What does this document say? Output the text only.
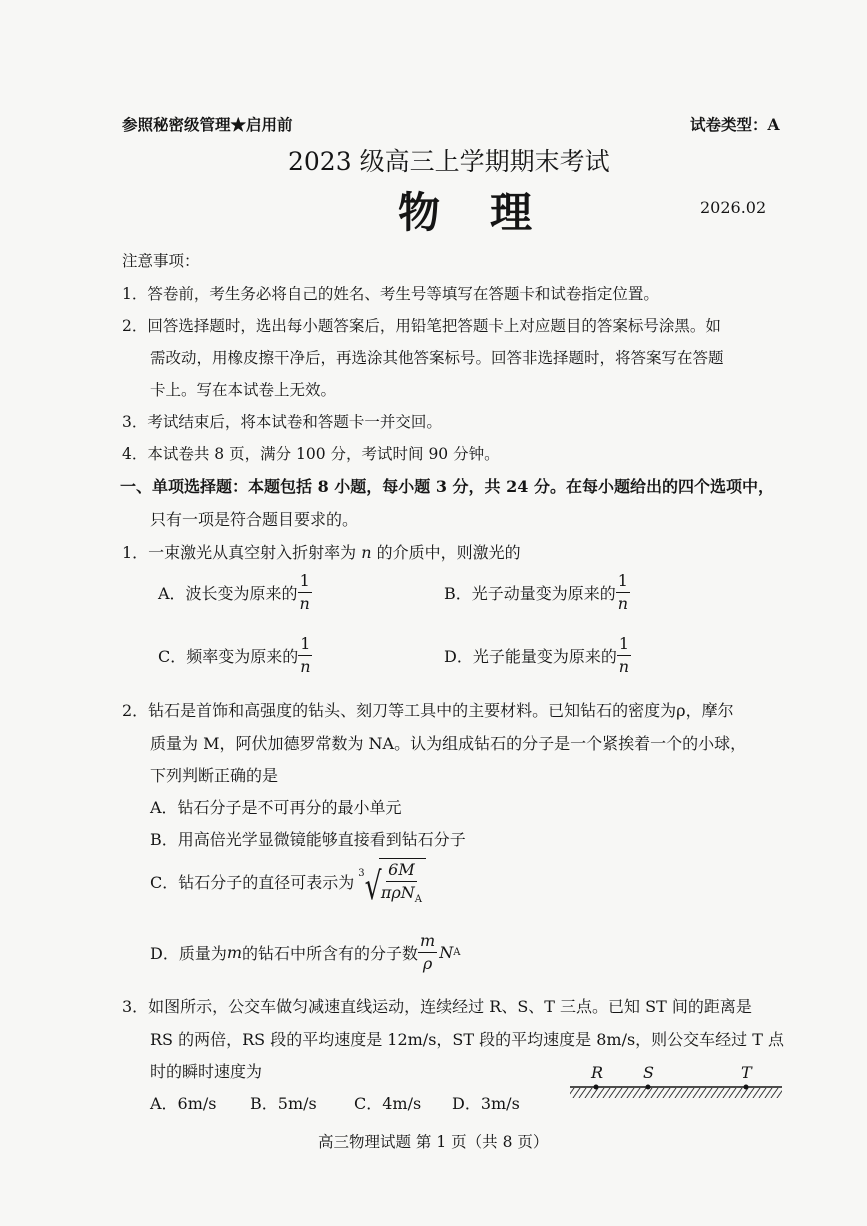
参照秘密级管理★启用前	试卷类型：A
2023 级高三上学期期末考试
物　理	2026.02
注意事项：
1．答卷前，考生务必将自己的姓名、考生号等填写在答题卡和试卷指定位置。
2．回答选择题时，选出每小题答案后，用铅笔把答题卡上对应题目的答案标号涂黑。如
需改动，用橡皮擦干净后，再选涂其他答案标号。回答非选择题时，将答案写在答题
卡上。写在本试卷上无效。
3．考试结束后，将本试卷和答题卡一并交回。
4．本试卷共 8 页，满分 100 分，考试时间 90 分钟。
一、单项选择题：本题包括 8 小题，每小题 3 分，共 24 分。在每小题给出的四个选项中，
只有一项是符合题目要求的。
1．一束激光从真空射入折射率为 n 的介质中，则激光的
A．波长变为原来的 $\frac{1}{n}$	B．光子动量变为原来的 $\frac{1}{n}$
C．频率变为原来的 $\frac{1}{n}$	D．光子能量变为原来的 $\frac{1}{n}$
2．钻石是首饰和高强度的钻头、刻刀等工具中的主要材料。已知钻石的密度为ρ，摩尔
质量为 M，阿伏加德罗常数为 NA。认为组成钻石的分子是一个紧挨着一个的小球，
下列判断正确的是
A．钻石分子是不可再分的最小单元
B．用高倍光学显微镜能够直接看到钻石分子
C．钻石分子的直径可表示为 3 √ $\frac{6M}{\pi\rho N_A}$
D．质量为 m 的钻石中所含有的分子数 $\frac{m}{\rho}$ N A
3．如图所示，公交车做匀减速直线运动，连续经过 R、S、T 三点。已知 ST 间的距离是
RS 的两倍，RS 段的平均速度是 12m/s，ST 段的平均速度是 8m/s，则公交车经过 T 点
时的瞬时速度为
A．6m/s B．5m/s C．4m/s D．3m/s
R S	T
高三物理试题 第 1 页（共 8 页）
